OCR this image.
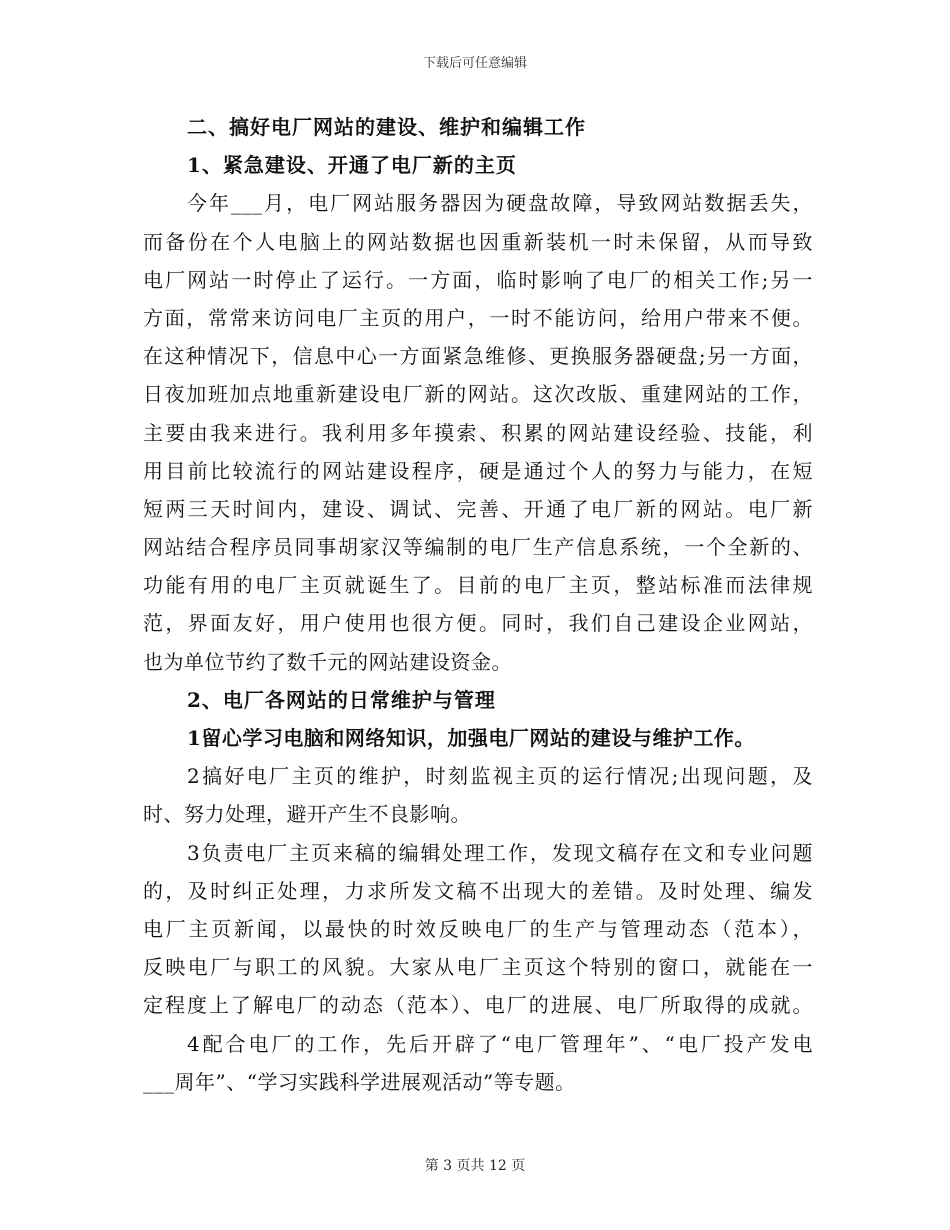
下载后可任意编辑
二、搞好电厂网站的建设、维护和编辑工作
1、紧急建设、开通了电厂新的主页
今年___月，电厂网站服务器因为硬盘故障，导致网站数据丢失，
而备份在个人电脑上的网站数据也因重新装机一时未保留，从而导致
电厂网站一时停止了运行。一方面，临时影响了电厂的相关工作;另一
方面，常常来访问电厂主页的用户，一时不能访问，给用户带来不便。
在这种情况下，信息中心一方面紧急维修、更换服务器硬盘;另一方面，
日夜加班加点地重新建设电厂新的网站。这次改版、重建网站的工作，
主要由我来进行。我利用多年摸索、积累的网站建设经验、技能，利
用目前比较流行的网站建设程序，硬是通过个人的努力与能力，在短
短两三天时间内，建设、调试、完善、开通了电厂新的网站。电厂新
网站结合程序员同事胡家汉等编制的电厂生产信息系统，一个全新的、
功能有用的电厂主页就诞生了。目前的电厂主页，整站标准而法律规
范，界面友好，用户使用也很方便。同时，我们自己建设企业网站，
也为单位节约了数千元的网站建设资金。
2、电厂各网站的日常维护与管理
1留心学习电脑和网络知识，加强电厂网站的建设与维护工作。
2搞好电厂主页的维护，时刻监视主页的运行情况;出现问题，及
时、努力处理，避开产生不良影响。
3负责电厂主页来稿的编辑处理工作，发现文稿存在文和专业问题
的，及时纠正处理，力求所发文稿不出现大的差错。及时处理、编发
电厂主页新闻，以最快的时效反映电厂的生产与管理动态（范本），
反映电厂与职工的风貌。大家从电厂主页这个特别的窗口，就能在一
定程度上了解电厂的动态（范本）、电厂的进展、电厂所取得的成就。
4配合电厂的工作，先后开辟了“电厂管理年”、“电厂投产发电
___周年”、“学习实践科学进展观活动”等专题。
第 3 页共 12 页
